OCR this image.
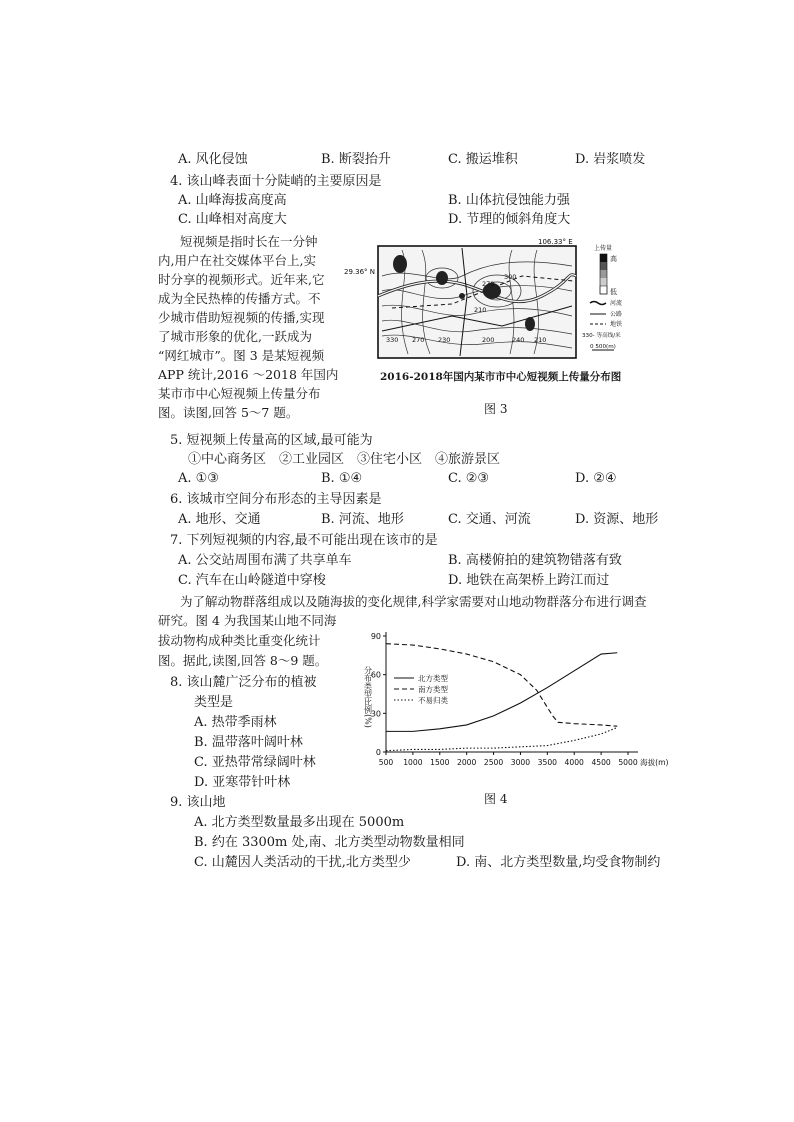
A. 风化侵蚀	B. 断裂抬升	C. 搬运堆积	D. 岩浆喷发
4. 该山峰表面十分陡峭的主要原因是
A. 山峰海拔高度高	B. 山体抗侵蚀能力强
C. 山峰相对高度大	D. 节理的倾斜角度大
短视频是指时长在一分钟
内,用户在社交媒体平台上,实
时分享的视频形式。近年来,它
成为全民热棒的传播方式。不
少城市借助短视频的传播,实现
了城市形象的优化,一跃成为
“网红城市”。图 3 是某短视频
APP 统计,2016 ～2018 年国内
某市市中心短视频上传量分布
图。读图,回答 5～7 题。
330 270 230
210
200
300
240
270
210
106.33° E
29.36° N
上传量
高
低
河流
公路
地铁
330- 等高线/米
0 500(m)
2016-2018年国内某市市中心短视频上传量分布图
图 3
5. 短视频上传量高的区域,最可能为
①中心商务区　②工业园区　③住宅小区　④旅游景区
A. ①③	B. ①④	C. ②③	D. ②④
6. 该城市空间分布形态的主导因素是
A. 地形、交通	B. 河流、地形	C. 交通、河流	D. 资源、地形
7. 下列短视频的内容,最不可能出现在该市的是
A. 公交站周围布满了共享单车	B. 高楼俯拍的建筑物错落有致
C. 汽车在山岭隧道中穿梭	D. 地铁在高架桥上跨江而过
为了解动物群落组成以及随海拔的变化规律,科学家需要对山地动物群落分布进行调查
研究。图 4 为我国某山地不同海
拔动物构成种类比重变化统计
图。据此,读图,回答 8～9 题。
8. 该山麓广泛分布的植被
类型是
A. 热带季雨林
B. 温带落叶阔叶林
C. 亚热带常绿阔叶林
D. 亚寒带针叶林
0
30
60
90
500 1000 1500 2000 2500 3000 3500 4000 4500 5000 海拔(m)
分布类型比例(%)	北方类型
南方类型
不易归类
图 4
9. 该山地
A. 北方类型数量最多出现在 5000m
B. 约在 3300m 处,南、北方类型动物数量相同
C. 山麓因人类活动的干扰,北方类型少	D. 南、北方类型数量,均受食物制约
